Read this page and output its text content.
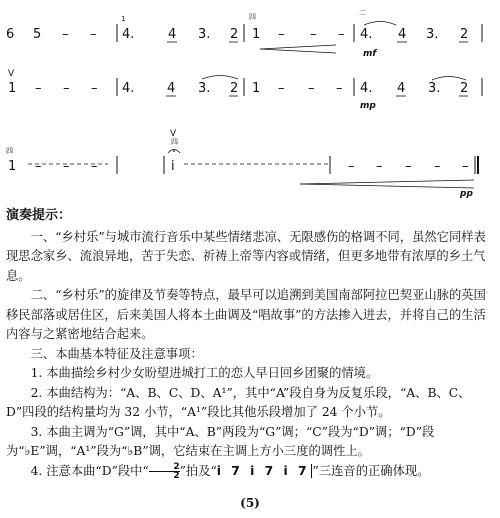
6 5 – –
1
4.	4 3. 2
四
1 – – –
二
4. 4 3. 2
mf
V
1 – – – 4.	4 3. 2 1 – – – 4. 4 3. 2
mp
四
1 – – –
V
四
i	– – – – –
pp

演奏提示：

一、“乡村乐”与城市流行音乐中某些情绪悲凉、无限感伤的格调不同，虽然它同样表现思念家乡、流浪异地，苦于失恋、祈祷上帝等内容或情绪，但更多地带有浓厚的乡土气息。

二、“乡村乐”的旋律及节奏等特点，最早可以追溯到美国南部阿拉巴契亚山脉的英国移民部落或居住区，后来美国人将本土曲调及“唱故事”的方法掺入进去，并将自己的生活内容与之紧密地结合起来。

三、本曲基本特征及注意事项：

1. 本曲描绘乡村少女盼望进城打工的恋人早日回乡团聚的情境。

2. 本曲结构为：“A、B、C、D、A¹”，其中“A”段自身为反复乐段，“A、B、C、D”四段的结构量均为 32 小节，“A¹”段比其他乐段增加了 24 个小节。

3. 本曲主调为“G”调，其中“A、B”两段为“G”调；“C”段为“D”调；“D”段为“♭E”调，“A¹”段为“♭B”调，它结束在主调上方小三度的调性上。

4. 注意本曲“D”段中“ $\frac{2}{2}$ ”拍及“i 7 i 7 i 7 ”三连音的正确体现。

(5)
